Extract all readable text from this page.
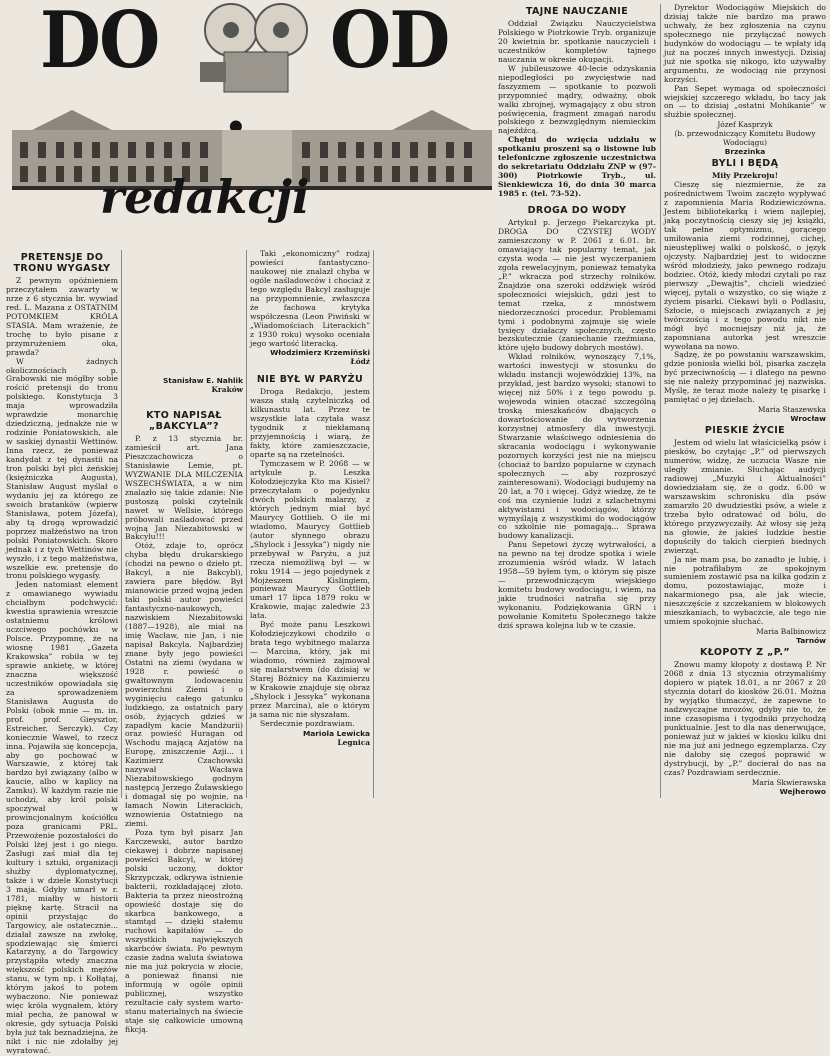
DO OD
redakcji
PRETENSJE DO TRONU WYGASŁY

Z pewnym opóźnieniem przeczytałem zawarty w nrze z 6 stycznia br. wywiad red. L. Mazana z OSTATNIM POTOMKIEM KRÓLA STASIA. Mam wrażenie, że trochę to było pisane z przymrużeniem oka, prawda?

W żadnych okolicznościach p. Grabowski nie mógłby sobie rościć pretensji do tronu polskiego. Konstytucja 3 maja wprowadziła wprawdzie monarchię dziedziczną, jednakże nie w rodzinie Poniatowskich, ale w saskiej dynastii Wettinów. Inna rzecz, że ponieważ kandydat z tej dynastii na tron polski był płci żeńskiej (księżniczka Augusta), Stanisław August myślał o wydaniu jej za którego ze swoich bratanków (wpierw Stanisława, potem Józefa), aby tą drogą wprowadzić poprzez małżeństwo na tron polski Poniatowskich. Skoro jednak i z tych Wettinów nie wyszło, i z tego małżeństwa, wszelkie ew. pretensje do tronu polskiego wygasły.

Jeden natomiast element z omawianego wywiadu chciałbym podchwycić: kwestia sprawienia wreszcie ostatniemu królowi uczciwego pochówku w Polsce. Przypomnę, że na wiosnę 1981 „Gazeta Krakowska” robiła w tej sprawie ankietę, w której znaczna większość uczestników opowiadała się za sprowadzeniem Stanisława Augusta do Polski (obok mnie — m. in. prof. prof. Gieysztor, Estreicher, Serczyk). Czy koniecznie Wawel, to rzecz inna. Pojawiła się koncepcja, aby go pochować w Warszawie, z której tak bardzo był związany (albo w kaucie, albo w kaplicy na Zamku). W każdym razie nie uchodzi, aby król polski spoczywał w prowincjonalnym kościółku poza granicami PRL. Przewożenie pozostałości do Polski lżej jest i go niego. Zasługi zaś miał dla tej kultury i sztuki, organizacji służby dyplomatycznej, także i w dziele Konstytucji 3 maja. Gdyby umarł w r. 1781, miałby w historii pięknę kartę. Stracił na opinii przystając do Targowicy, ale ostatecznie... działał zawsze na zwłokę, spodziewając się śmierci Katarzyny, a do Targowicy przystąpiła wtedy znaczna większość polskich mężów stanu, w tym np. i Kołłątaj, którym jakoś to potem wybaczono. Nie ponieważ więc króla wygnałem, który miał pecha, że panował w okresie, gdy sytuacja Polski była już tak beznadziejna, że nikt i nic nie zdołałby jej wyratować.

Stanisław E. Nahlik
Kraków
KTO NAPISAŁ „BAKCYLA”?

P. z 13 stycznia br. zamieścił art. Jana Pieszczachowicza o Stanisławie Lemie, pt. WYZWANIE DLA MILCZENIA WSZECHŚWIATA, a w nim znalazło się takie zdanie: Nie pustoszą polski czytelnik nawet w Wellsie, którego próbowali naśladować przed wojną Jan Niezabitowski w Bakcylu!!!

Otóż, zdaje to, oprócz chyba błędu drukarskiego (chodzi na pewno o dzieło pt. Bakcyl, a nie Bakcybl), zawiera pare błędów. Był mianowicie przed wojną jeden taki polski autor powieści fantastyczno-naukowych, nazwiskiem Niezabitowski (1887—1928), ale miał na imię Wacław, nie Jan, i nie napisał Bakcyla. Najbardziej znane były jego powieści Ostatni na ziemi (wydana w 1928 r. powieść o gwałtownym lodowaceniu powierzchni Ziemi i o wyginięciu całego gatunku ludzkiego, za ostatnich pary osób, żyjących gdzieś w zapadłym kacie Mandżurii) oraz powieść Huragan od Wschodu mającą Azjatów na Europę, zniszczenie Azji... i Kazimierz Czachowski nazywał Wacława Niezabitowskiego godnym następcą Jerzego Żuławskiego i domagał się po wojnie, na łamach Nowin Literackich, wznowienia Ostatniego na ziemi.

Poza tym był pisarz Jan Karczewski, autor bardzo ciekawej i dobrze napisanej powieści Bakcyl, w której polski uczony, doktor Skrzypczak, odkrywa istnienie bakterii, rozkładającej złoto. Bakteria ta przez nieostrożną opowieść dostaje się do skarbca bankowego, a stamtąd — dzięki stałemu ruchowi kapitałów — do wszystkich największych skarbców świata. Po pewnym czasie żadna waluta światowa nie ma już pokrycia w złocie, a ponieważ finansi nie informują w ogóle opinii publicznej, wszystko rezultacie cały system warto-stanu materialnych na świecie staje się całkowicie umowną fikcją.

Taki „ekonomiczny” rodzaj powieści fantastyczno-naukowej nie znalazł chyba w ogóle naśladowców i chociaż z tego względu Bakcyl zasługuje na przypomnienie, zwłaszcza że fachowa krytyka współczesna (Leon Piwiński w „Wiadomościach Literackich” z 1930 roku) wysoko oceniała jego wartość literacką.

Włodzimierz Krzemiński
Łódź
NIE BYŁ W PARYŻU

Droga Redakcjo, jestem wasza stałą czytelniczką od kilkunastu lat. Przez te wszystkie lata czytała wasz tygodnik z niekłamaną przyjemnością i wiarą, że fakty, które zamieszczacie, oparte są na rzetelności.

Tymczasem w P. 2068 — w artykule p. Leszka Kołodziejczyka Kto ma Kisiel? przeczytałam o pojedynku dwóch polskich malarzy, z których jednym miał być Maurycy Gottlieb. O ile mi wiadomo, Maurycy Gottlieb (autor słynnego obrazu „Shylock i Jessyka”) nigdy nie przebywał w Paryżu, a już rzecza niemożliwą był — w roku 1914 — jego pojedynek z Mojżeszem Kislingiem, ponieważ Maurycy Gottlieb umarł 17 lipca 1879 roku w Krakowie, mając zaledwie 23 lata.

Być może panu Leszkowi Kołodziejczykowi chodziło o brata tego wybitnego malarza — Marcina, który, jak mi wiadomo, również zajmował się malarstwem (do dzisiaj w Starej Bóżnicy na Kazimierzu w Krakowie znajduje się obraz „Shylock i Jessyka” wykonana przez Marcina), ale o którym ja sama nic nie słyszałam.

Serdecznie pozdrawiam.

Mariola Lewicka
Legnica
TAJNE NAUCZANIE

Oddział Związku Nauczycielstwa Polskiego w Piotrkowie Tryb. organizuje 20 kwietnia br. spotkanie nauczycieli i uczestników kompletów tajnego nauczania w okresie okupacji.

W jubileuszowe 40-lecie odzyskania niepodległości po zwycięstwie nad faszyzmem — spotkanie to pozwoli przypomnieć mądry, odważny, obok walki zbrojnej, wymagający z obu stron poświęcenia, fragment zmagań narodu polskiego z bezwzględnym niemieckim najeźdźcą.

Chętni do wzięcia udziału w spotkaniu proszeni są o listowne lub telefoniczne zgłoszenie uczestnictwa do sekretariatu Oddziału ZNP w (97-300) Piotrkowie Tryb., ul. Sienkiewicza 16, do dnia 30 marca 1985 r. (tel. 73-52).

DROGA DO WODY

Artykuł p. Jerzego Piekarczyka pt. DROGA DO CZYSTEJ WODY zamieszczony w P. 2061 z 6.01. br. omawiający tak popularny temat, jak czysta woda — nie jest wyczerpaniem zgoła rewelacyjnym, ponieważ tematyka „P.” wkracza pod strzechy rolników. Znajdzie ona szeroki oddźwięk wśród społeczności wiejskich, gdzi jest to temat rzeka, z mnóstwem niedorzeczności procedur. Problemami tymi i podobnymi zajmuje się wiele tysięcy działaczy społecznych, często bezskutecznie (zaniechanie rzeźmiana, które ujęło budowy dobrych mostów).

Wkład rolników, wynoszący 7,1%, wartości inwestycji w stosunku do wkładu instancji wojewódzkiej 13%, na przykład, jest bardzo wysoki; stanowi to więcej niż 50% i z tego powodu p. wojewoda winien otaczać szczególną troską mieszkańców dbających o dowartościowanie do wytworzenia korzystnej atmosfery dla inwestycji. Stwarzanie właściwego odniesienia do skracania wodociągu i wykonywanie pozornych korzyści jest nie na miejscu (chociaż to bardzo popularne w czynach społecznych — aby rozproszyć zainteresowani). Wodociągi budujemy na 20 lat, a 70 i więcej. Gdyż wiedzę, że te coś ma czynienie ludzi z szlachetnymi aktywistami i wodociągów, którzy wymyślają z wszystkimi do wodociągów co szkolnie nie pomagają... Sprawa budowy kanalizacji.

Panu Sepetowi życzę wytrwałości, a na pewno na tej drodze spotka i wiele zrozumienia wśród władz. W latach 1958—59 byłem tym, o którym się pisze — przewodniczącym wiejskiego komitetu budowy wodociągu, i wiem, na jakie trudności natrafia się przy wykonaniu. Podziękowania GRN i powołanie Komitetu Społecznego także dziś sprawa kolejna lub w te czasie.

Dyrektor Wodociągów Miejskich do dzisiaj także nie bardzo ma prawo uchwały, że bez zgłoszenia na czynu społecznego nie przyłączać nowych budynków do wodociągu — te wpłaty idą już na pocześ innych inwestycji. Dzisiaj już nie spotka się nikogo, kto używałby argumentu, że wodociąg nie przynosi korzyści.

Pan Sepet wymaga od społeczności wiejskiej szczerego wkładu, bo tacy jak on — to dzisiaj „ostatni Mohikanie” w służbie społecznej.

Józef Kasprzyk
(b. przewodniczący Komitetu Budowy Wodociągu)
Brzezinka
BYLI I BĘDĄ
Miły Przekroju!

Cieszę się niezmiernie, że za pośrednictwem Twoim zaczęto wypływać z zapomnienia Maria Rodziewiczówna. Jestem bibliotekarką i wiem najlepiej, jaką poczytnością cieszy się jej książki, tak pełne optymizmu, gorącego umiłowania ziemi rodzinnej, cichej, nieustępliwej walki o polskość, o język ojczysty. Najbardziej jest to widoczne wśród młodzieży, jako pewnego rodzaju bodziec. Otóż, kiedy młodzi czytali po raz pierwszy „Dewajtis”, chcieli wiedzieć więcej, pytali o wszystko, co się wiąże z życiem pisarki. Ciekawi byli o Podlasiu, Szłocie, o miejscach związanych z jej twórczością i z tego powodu nikt nie mógł być mocniejszy niż ja, że zapomniana autorka jest wreszcie wywołana na nowo.

Sądzę, że po powstaniu warszawskim, gdzie poniosła wielki ból, pisarka zaczęła być przeciwnością — i dlatego na pewno się nie należy przypominać jej nazwiska. Myślę, że teraz może należy tę pisarkę i pamiętać o jej dziełach.

Maria Staszewska
Wrocław
PIESKIE ŻYCIE

Jestem od wielu lat właścicielką psów i piesków, bo czytając „P.” od pierwszych numerów, widzę, że uczucia Wasze nie uległy zmianie. Słuchając audycji radiowej „Muzyki i Aktualności” dowiedziałam się, że o godz. 6.00 w warszawskim schronisku dla psów zamarzło 20 dwudziestki psów, a wiele z trzeba było odratować od bólu, do którego przyzwyczaiły. Aż włosy się jeżą na głowie, że jakieś ludzkie bestie dopuściły do takich cierpień biednych zwierząt.

Ja nie mam psa, bo zanadto je lubię, i nie potrafiłabym ze spokojnym sumieniem zostawić psa na kilka godzin z domu, pozostawiając, może i nakarmionego psa, ale jak wiecie, nieszczęście z szczekaniem w blokowych mieszkaniach, to wybaczcie, ale tego nie umiem spokojnie słuchać.

Maria Balbinowicz
Tarnów
KŁOPOTY Z „P.”

Znowu mamy kłopoty z dostawą P. Nr 2068 z dnia 13 stycznia otrzymaliśmy dopiero w piątek 18.01, a nr 2067 z 20 stycznia dotarł do kiosków 26.01. Można by wyjątko tłumaczyć, że zapewne to nadzwyczajne mrozów, gdyby nie to, że inne czasopisma i tygodniki przychodzą punktualnie. Jest to dla nas denerwujące, ponieważ już w jakieś w kiosku kilku dni nie ma już ani jednego egzemplarza. Czy nie dałoby się czegoś poprawić w dystrybucji, by „P.” docierał do nas na czas? Pozdrawiam serdecznie.

Maria Skwierawska
Wejherowo
